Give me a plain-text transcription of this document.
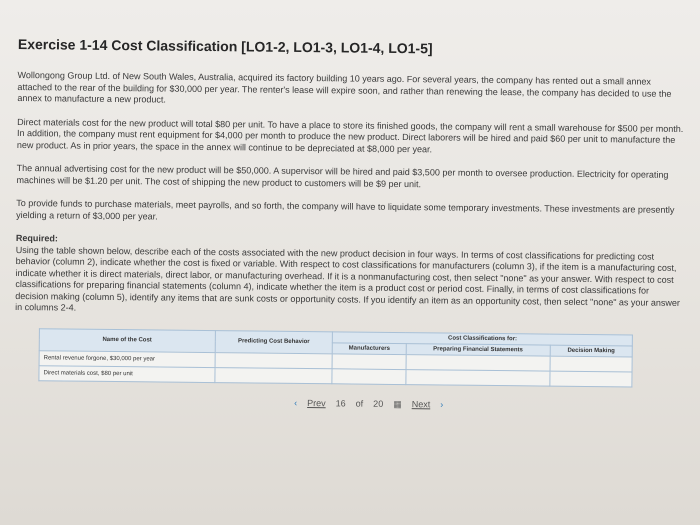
Exercise 1-14 Cost Classification [LO1-2, LO1-3, LO1-4, LO1-5]

Wollongong Group Ltd. of New South Wales, Australia, acquired its factory building 10 years ago. For several years, the company has rented out a small annex attached to the rear of the building for $30,000 per year. The renter's lease will expire soon, and rather than renewing the lease, the company has decided to use the annex to manufacture a new product.

Direct materials cost for the new product will total $80 per unit. To have a place to store its finished goods, the company will rent a small warehouse for $500 per month. In addition, the company must rent equipment for $4,000 per month to produce the new product. Direct laborers will be hired and paid $60 per unit to manufacture the new product. As in prior years, the space in the annex will continue to be depreciated at $8,000 per year.

The annual advertising cost for the new product will be $50,000. A supervisor will be hired and paid $3,500 per month to oversee production. Electricity for operating machines will be $1.20 per unit. The cost of shipping the new product to customers will be $9 per unit.

To provide funds to purchase materials, meet payrolls, and so forth, the company will have to liquidate some temporary investments. These investments are presently yielding a return of $3,000 per year.

Required:
Using the table shown below, describe each of the costs associated with the new product decision in four ways. In terms of cost classifications for predicting cost behavior (column 2), indicate whether the cost is fixed or variable. With respect to cost classifications for manufacturers (column 3), if the item is a manufacturing cost, indicate whether it is direct materials, direct labor, or manufacturing overhead. If it is a nonmanufacturing cost, then select "none" as your answer. With respect to cost classifications for preparing financial statements (column 4), indicate whether the item is a product cost or period cost. Finally, in terms of cost classifications for decision making (column 5), identify any items that are sunk costs or opportunity costs. If you identify an item as an opportunity cost, then select "none" as your answer in columns 2-4.

Name of the Cost	Predicting Cost Behavior	Cost Classifications for:		
		Manufacturers	Preparing Financial Statements	Decision Making
Rental revenue forgone, $30,000 per year				
Direct materials cost, $80 per unit				
‹ Prev 16 of 20 ▦ Next ›
